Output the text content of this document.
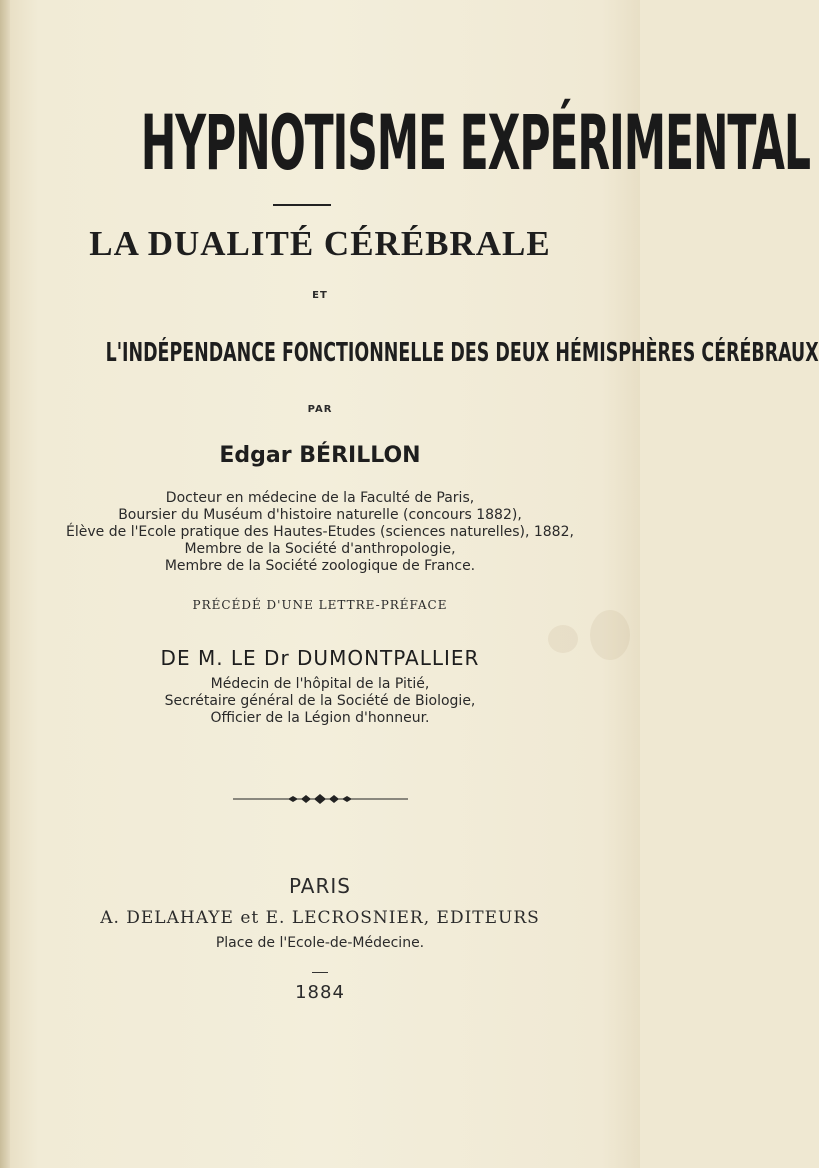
HYPNOTISME EXPÉRIMENTAL
LA DUALITÉ CÉRÉBRALE
ET
L'INDÉPENDANCE FONCTIONNELLE DES DEUX HÉMISPHÈRES CÉRÉBRAUX
PAR
Edgar BÉRILLON
Docteur en médecine de la Faculté de Paris,
Boursier du Muséum d'histoire naturelle (concours 1882),
Élève de l'Ecole pratique des Hautes-Etudes (sciences naturelles), 1882,
Membre de la Société d'anthropologie,
Membre de la Société zoologique de France.
PRÉCÉDÉ D'UNE LETTRE-PRÉFACE
DE M. LE Dr DUMONTPALLIER
Médecin de l'hôpital de la Pitié,
Secrétaire général de la Société de Biologie,
Officier de la Légion d'honneur.
PARIS
A. DELAHAYE et E. LECROSNIER, EDITEURS
Place de l'Ecole-de-Médecine.
1884
